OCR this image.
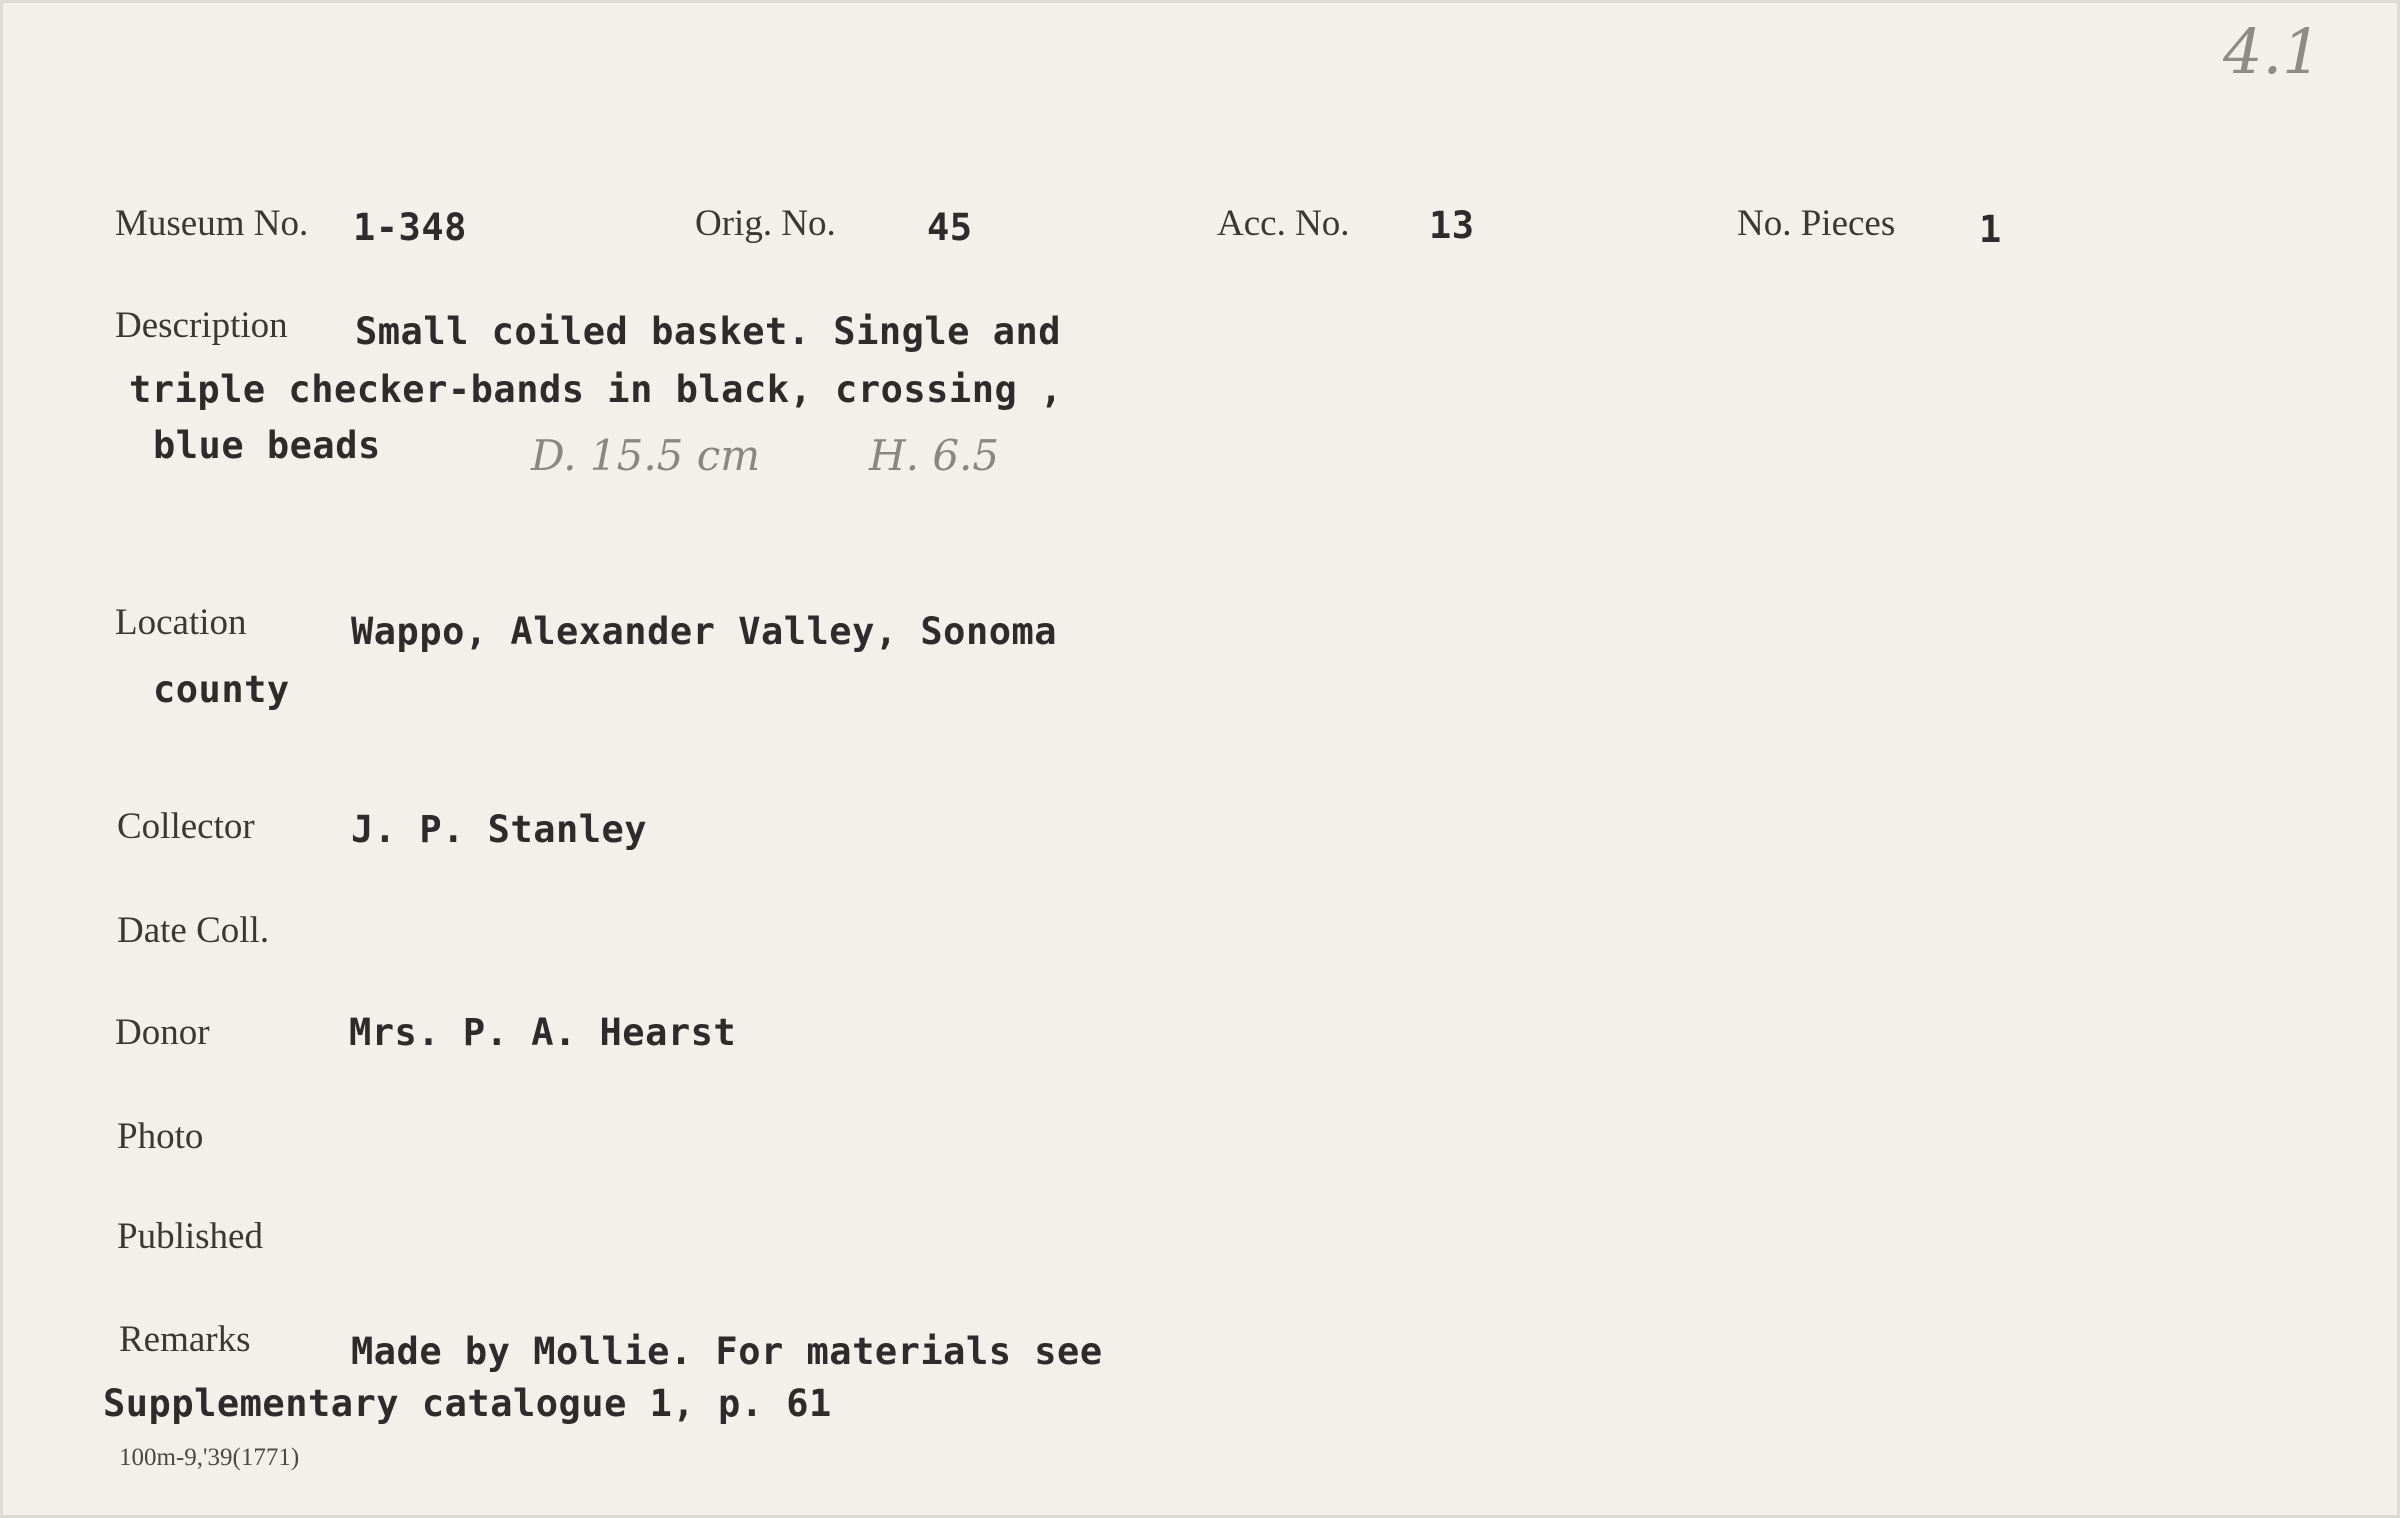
4.1
Museum No. 1-348	Orig. No. 45	Acc. No. 13	No. Pieces 1
Description Small coiled basket. Single and
triple checker-bands in black, crossing ,
blue beads	D. 15.5 cm	H. 6.5
Location	Wappo, Alexander Valley, Sonoma
county
Collector	J. P. Stanley
Date Coll.
Donor	Mrs. P. A. Hearst
Photo
Published
Remarks	Made by Mollie. For materials see
Supplementary catalogue 1, p. 61
100m-9,'39(1771)
